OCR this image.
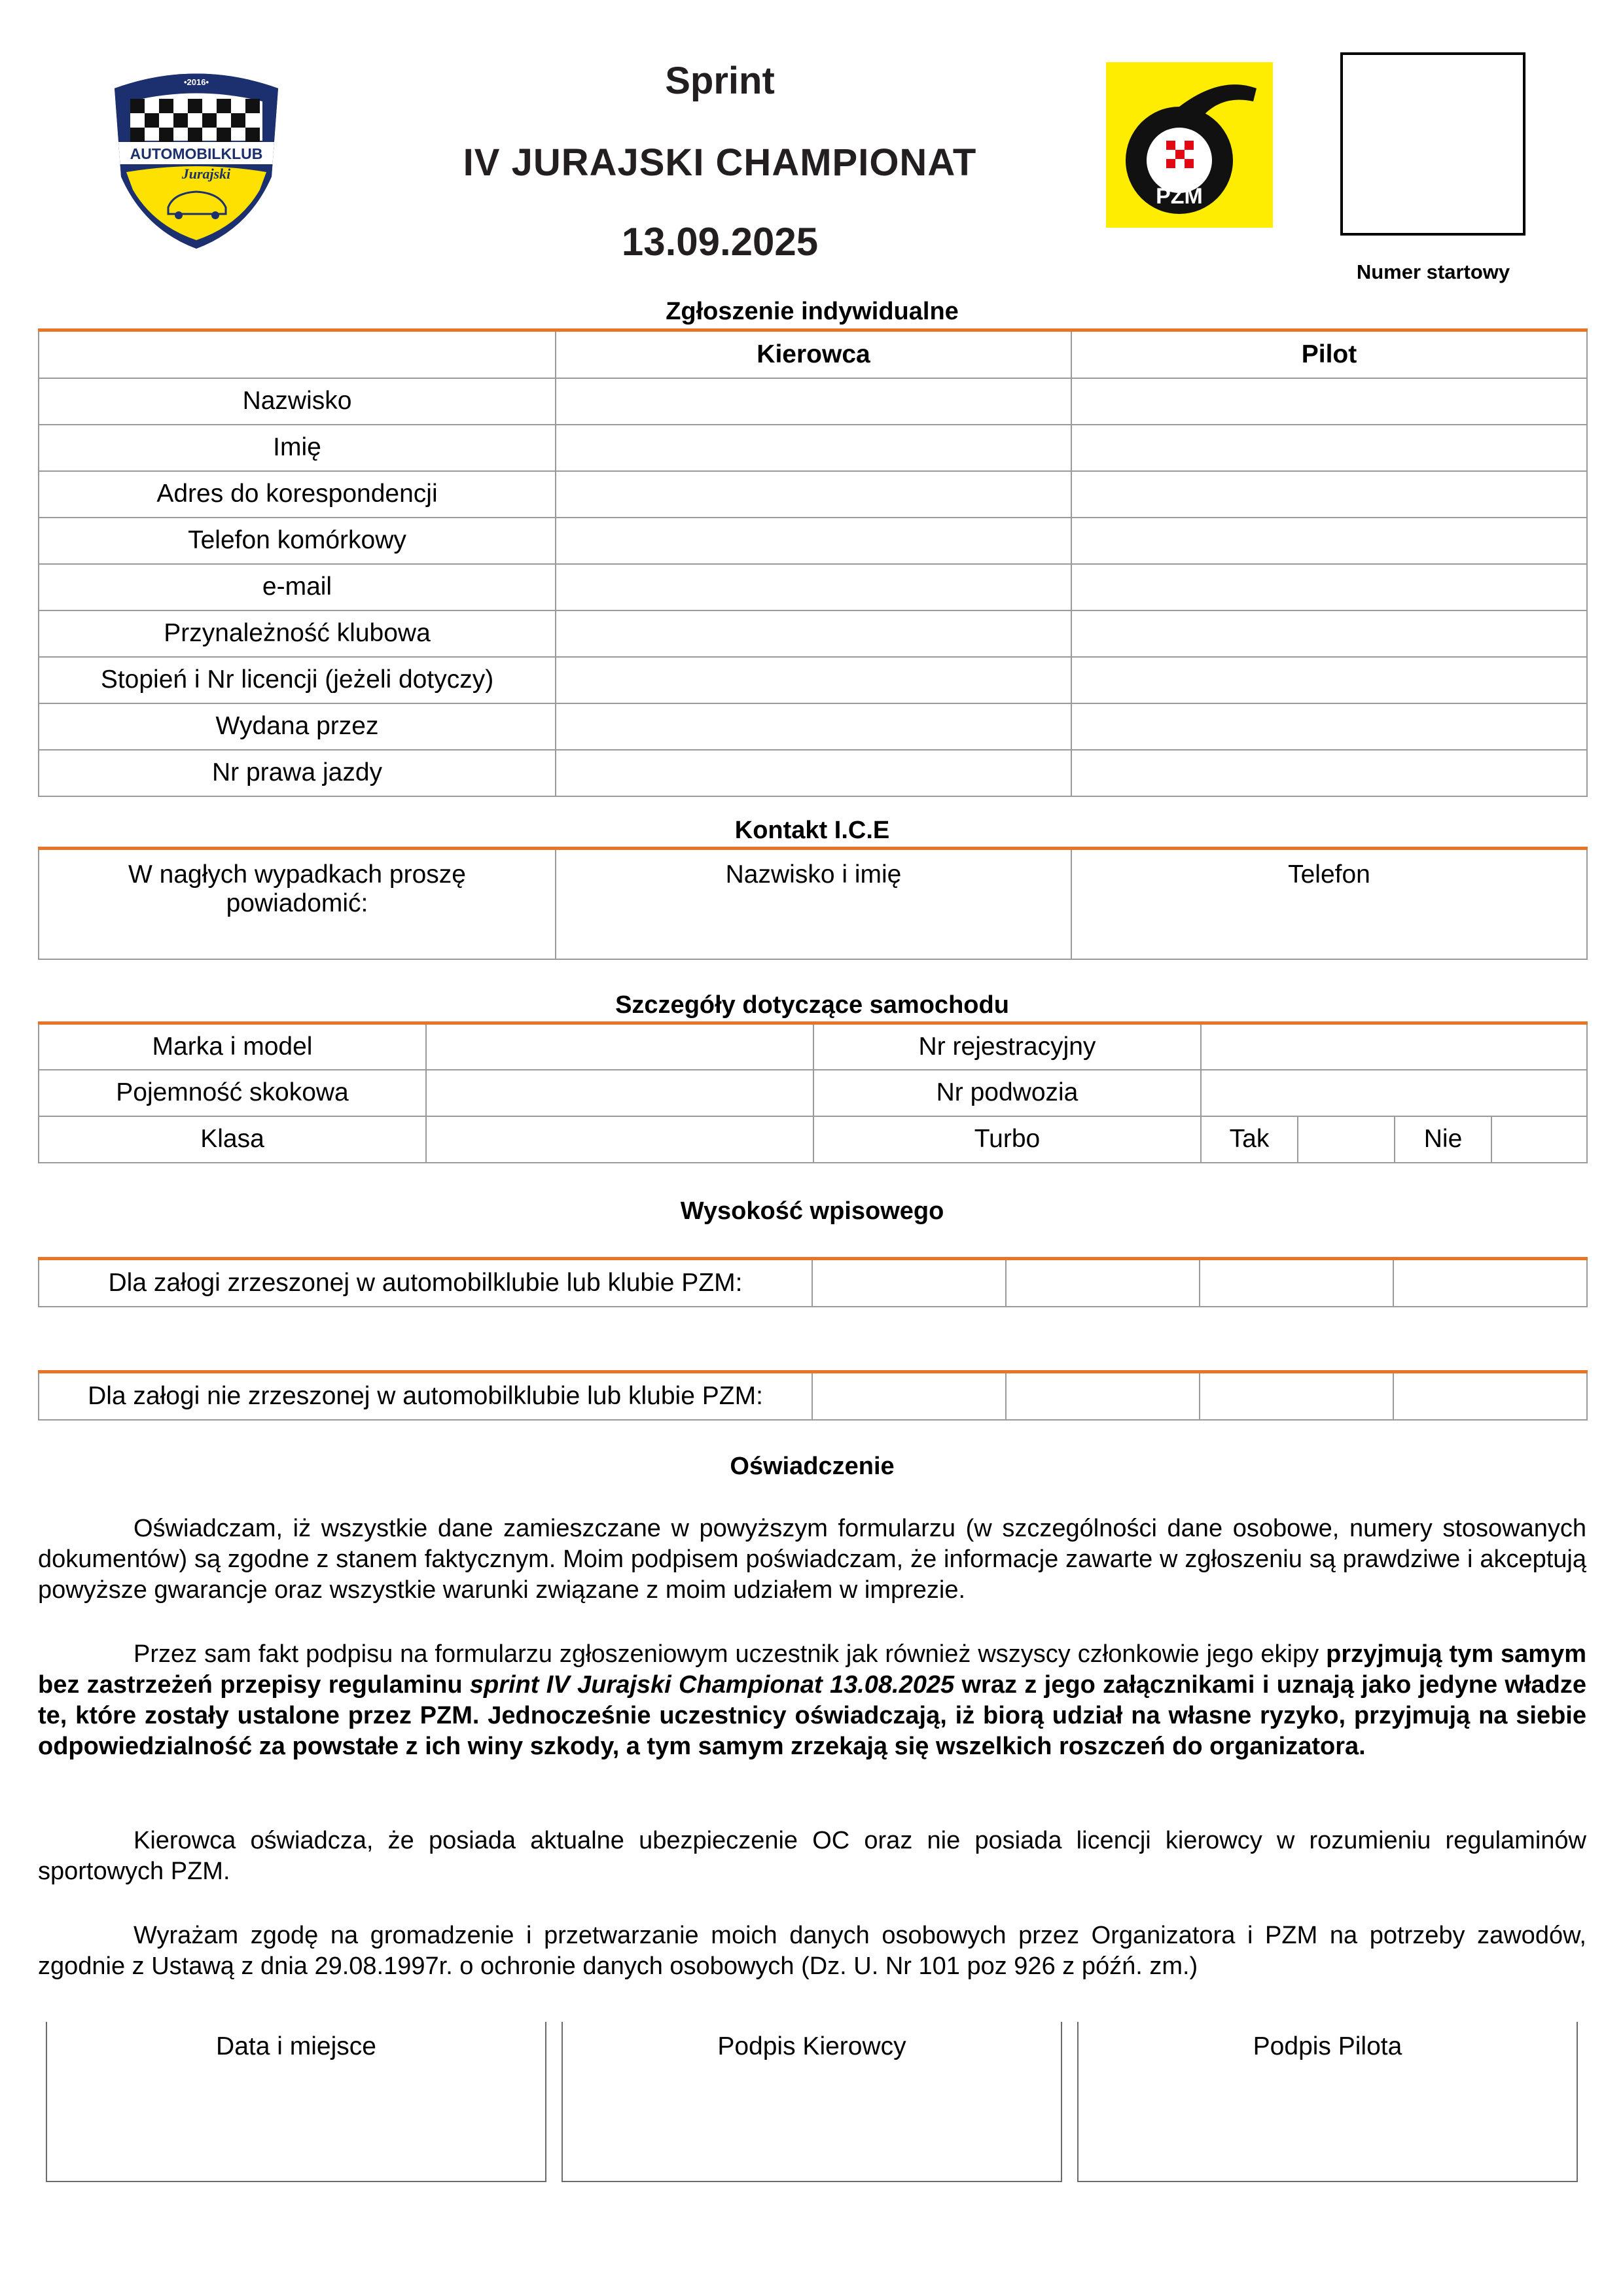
•2016•
AUTOMOBILKLUB
Jurajski
Sprint
IV JURAJSKI CHAMPIONAT
13.09.2025
PZM
Numer startowy
Zgłoszenie indywidualne
	Kierowca	Pilot
Nazwisko		
Imię		
Adres do korespondencji		
Telefon komórkowy		
e-mail		
Przynależność klubowa		
Stopień i Nr licencji (jeżeli dotyczy)		
Wydana przez		
Nr prawa jazdy		
Kontakt I.C.E
W nagłych wypadkach proszę powiadomić:	Nazwisko i imię	Telefon
Szczegóły dotyczące samochodu
Marka i model		Nr rejestracyjny				
Pojemność skokowa		Nr podwozia				
Klasa		Turbo	Tak		Nie	
Wysokość wpisowego
Dla załogi zrzeszonej w automobilklubie lub klubie PZM:				
Dla załogi nie zrzeszonej w automobilklubie lub klubie PZM:				
Oświadczenie

Oświadczam, iż wszystkie dane zamieszczane w powyższym formularzu (w szczególności dane osobowe, numery stosowanych dokumentów) są zgodne z stanem faktycznym. Moim podpisem poświadczam, że informacje zawarte w zgłoszeniu są prawdziwe i akceptują powyższe gwarancje oraz wszystkie warunki związane z moim udziałem w imprezie.

Przez sam fakt podpisu na formularzu zgłoszeniowym uczestnik jak również wszyscy członkowie jego ekipy przyjmują tym samym bez zastrzeżeń przepisy regulaminu sprint IV Jurajski Championat 13.08.2025 wraz z jego załącznikami i uznają jako jedyne władze te, które zostały ustalone przez PZM. Jednocześnie uczestnicy oświadczają, iż biorą udział na własne ryzyko, przyjmują na siebie odpowiedzialność za powstałe z ich winy szkody, a tym samym zrzekają się wszelkich roszczeń do organizatora.

Kierowca oświadcza, że posiada aktualne ubezpieczenie OC oraz nie posiada licencji kierowcy w rozumieniu regulaminów sportowych PZM.

Wyrażam zgodę na gromadzenie i przetwarzanie moich danych osobowych przez Organizatora i PZM na potrzeby zawodów, zgodnie z Ustawą z dnia 29.08.1997r. o ochronie danych osobowych (Dz. U. Nr 101 poz 926 z późń. zm.)

Data i miejsce	Podpis Kierowcy	Podpis Pilota
